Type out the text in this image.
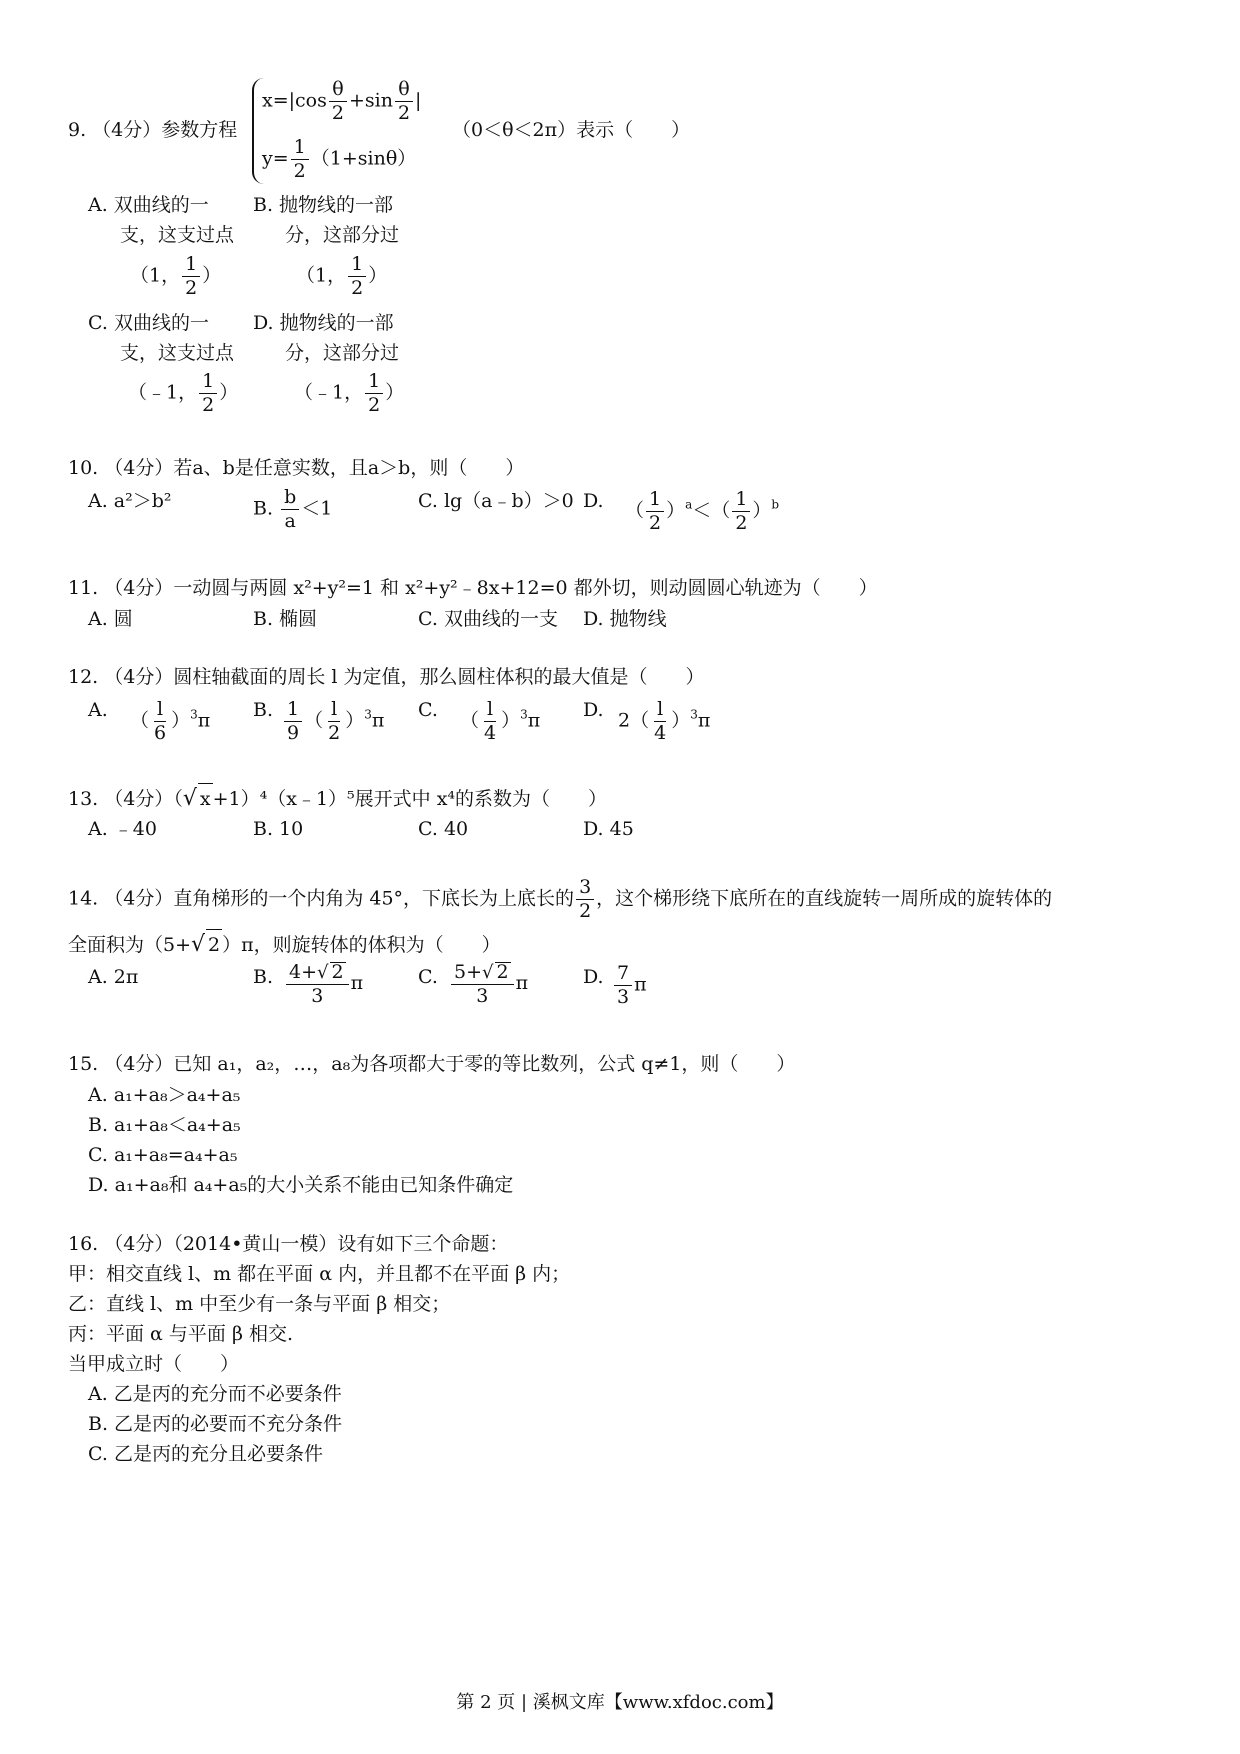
9. （4分）参数方程
$x=|\cos \frac{\theta}{2} +\sin \frac{\theta}{2}$ |
$y= \frac{1}{2} (1+\sin\theta)$
（0＜θ＜2π）表示（　　）
A. 双曲线的一
支，这支过点
（1， $\frac{1}{2}$ ）
B. 抛物线的一部
分，这部分过
（1， $\frac{1}{2}$ ）
C. 双曲线的一
支，这支过点
（﹣1， $\frac{1}{2}$ ）
D. 抛物线的一部
分，这部分过
（﹣1， $\frac{1}{2}$ ）
10. （4分）若a、b是任意实数，且a＞b，则（　　）
A. a²＞b²	B. $\frac{b}{a} <1$	C. lg（a﹣b）＞0 D. （ $\frac{1}{2} )^a<( \frac{1}{2} )^b$
11. （4分）一动圆与两圆 x²+y²=1 和 x²+y²﹣8x+12=0 都外切，则动圆圆心轨迹为（　　）
A. 圆	B. 椭圆	C. 双曲线的一支 D. 抛物线
12. （4分）圆柱轴截面的周长 l 为定值，那么圆柱体积的最大值是（　　）
A. （ $\frac{l}{6} )^3\pi$ B. $\frac{1}{9}$ （ $\frac{l}{2} )^3\pi$ C. （ $\frac{l}{4} )^3\pi$ D. $2( \frac{l}{4} )^3\pi$
13. （4分）（√ x +1）⁴（x﹣1）⁵展开式中 x⁴的系数为（　　）
A. ﹣40	B. 10	C. 40	D. 45
14. （4分）直角梯形的一个内角为 45°，下底长为上底长的 $\frac{3}{2}$ ，这个梯形绕下底所在的直线旋转一周所成的旋转体的
全面积为（5+√ 2 ）π，则旋转体的体积为（　　）
A. 2π	B. $\frac{4+√ 2}{3}$ π	C. $\frac{5+√ 2}{3}$ π	D. $\frac{7}{3}$ π
15. （4分）已知 a₁，a₂，…，a₈为各项都大于零的等比数列，公式 q≠1，则（　　）
A. a₁+a₈＞a₄+a₅
B. a₁+a₈＜a₄+a₅
C. a₁+a₈=a₄+a₅
D. a₁+a₈和 a₄+a₅的大小关系不能由已知条件确定
16. （4分）（2014•黄山一模）设有如下三个命题：
甲：相交直线 l、m 都在平面 α 内，并且都不在平面 β 内；
乙：直线 l、m 中至少有一条与平面 β 相交；
丙：平面 α 与平面 β 相交.
当甲成立时（　　）
A. 乙是丙的充分而不必要条件
B. 乙是丙的必要而不充分条件
C. 乙是丙的充分且必要条件
第 2 页 | 溪枫文库【www.xfdoc.com】
